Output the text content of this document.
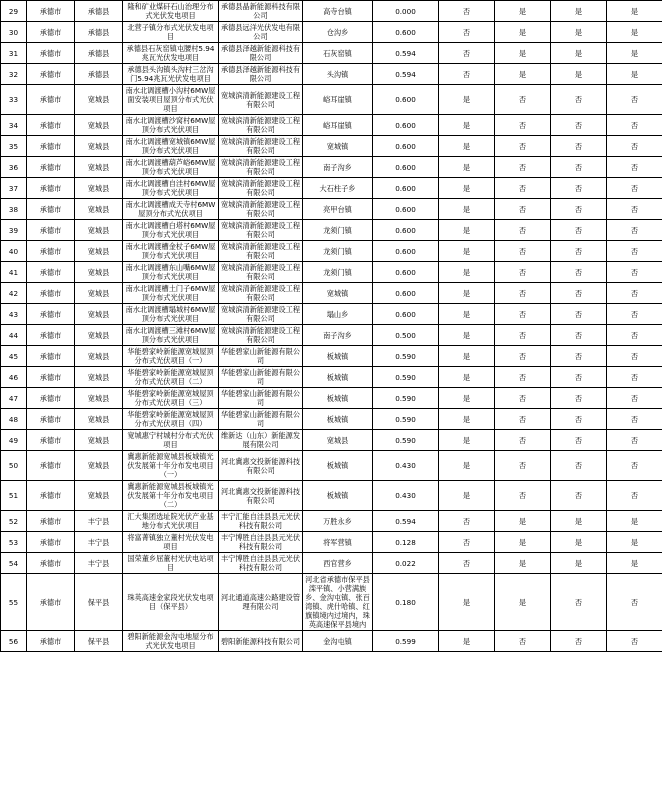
29	承德市	承德县	隆和矿业煤矸石山治理分布式光伏发电项目	承德县晶新能源科技有限公司	高寺台镇	0.000	否	是	是	是
30	承德市	承德县	北营子镇分布式光伏发电项目	承德县远洋光伏发电有限公司	仓沟乡	0.600	否	是	是	是
31	承德市	承德县	承德县石灰窑镇屯腰村5.94兆瓦光伏发电项目	承德县泽越新能源科技有限公司	石灰窑镇	0.594	否	是	是	是
32	承德市	承德县	承德县头沟镇头沟村三岔沟门5.94兆瓦光伏发电项目	承德县泽越新能源科技有限公司	头沟镇	0.594	否	是	是	是
33	承德市	宽城县	南水北调渡槽小沟村6MW屋面安装项目屋顶分布式光伏项目	宽城滨清新能源建设工程有限公司	峪耳崖镇	0.600	是	否	否	否
34	承德市	宽城县	南水北调渡槽沙窝村6MW屋顶分布式光伏项目	宽城滨清新能源建设工程有限公司	峪耳崖镇	0.600	是	否	否	否
35	承德市	宽城县	南水北调渡槽宽城镇6MW屋顶分布式光伏项目	宽城滨清新能源建设工程有限公司	宽城镇	0.600	是	否	否	否
36	承德市	宽城县	南水北调渡槽葫芦峪6MW屋顶分布式光伏项目	宽城滨清新能源建设工程有限公司	南子沟乡	0.600	是	否	否	否
37	承德市	宽城县	南水北调渡槽自洼村6MW屋顶分布式光伏项目	宽城滨清新能源建设工程有限公司	大石柱子乡	0.600	是	否	否	否
38	承德市	宽城县	南水北调渡槽成天寺村6MW屋顶分布式光伏项目	宽城滨清新能源建设工程有限公司	亮甲台镇	0.600	是	否	否	否
39	承德市	宽城县	南水北调渡槽白塔村6MW屋顶分布式光伏项目	宽城滨清新能源建设工程有限公司	龙须门镇	0.600	是	否	否	否
40	承德市	宽城县	南水北调渡槽金杖子6MW屋顶分布式光伏项目	宽城滨清新能源建设工程有限公司	龙须门镇	0.600	是	否	否	否
41	承德市	宽城县	南水北调渡槽东山嘴6MW屋顶分布式光伏项目	宽城滨清新能源建设工程有限公司	龙须门镇	0.600	是	否	否	否
42	承德市	宽城县	南水北调渡槽土门子6MW屋顶分布式光伏项目	宽城滨清新能源建设工程有限公司	宽城镇	0.600	是	否	否	否
43	承德市	宽城县	南水北调渡槽塌城村6MW屋顶分布式光伏项目	宽城滨清新能源建设工程有限公司	塌山乡	0.600	是	否	否	否
44	承德市	宽城县	南水北调渡槽三滩村6MW屋顶分布式光伏项目	宽城滨清新能源建设工程有限公司	南子沟乡	0.500	是	否	否	否
45	承德市	宽城县	华能碧家岭新能源宽城屋顶分布式光伏项目（一）	华能碧家山新能源有限公司	板城镇	0.590	是	否	否	否
46	承德市	宽城县	华能碧家岭新能源宽城屋顶分布式光伏项目（二）	华能碧家山新能源有限公司	板城镇	0.590	是	否	否	否
47	承德市	宽城县	华能碧家岭新能源宽城屋顶分布式光伏项目（三）	华能碧家山新能源有限公司	板城镇	0.590	是	否	否	否
48	承德市	宽城县	华能碧家岭新能源宽城屋顶分布式光伏项目（四）	华能碧家山新能源有限公司	板城镇	0.590	是	否	否	否
49	承德市	宽城县	宽城惠宁村城村分布式光伏项目	维新达（山东）新能源发展有限公司	宽城县	0.590	是	否	否	否
50	承德市	宽城县	冀惠新能源宽城县板城镇光伏发展第十年分布发电项目（一）	河北冀惠交投新能源科技有限公司	板城镇	0.430	是	否	否	否
51	承德市	宽城县	冀惠新能源宽城县板城镇光伏发展第十年分布发电项目（二）	河北冀惠交投新能源科技有限公司	板城镇	0.430	是	否	否	否
52	承德市	丰宁县	汇大集团选址院光伏产业基地分布式光伏项目	丰宁汇能自洼县县元光伏科技有限公司	万胜永乡	0.594	否	是	是	是
53	承德市	丰宁县	将富菁镇独立董村光伏发电项目	丰宁博胜自洼县县元光伏科技有限公司	将军营镇	0.128	否	是	是	是
54	承德市	丰宁县	国荣董乡屈董村光伏电站项目	丰宁博胜自洼县县元光伏科技有限公司	西官营乡	0.022	否	是	是	是
55	承德市	保平县	珠英高速金家段光伏发电项目（保平县）	河北通道高速公路建设管理有限公司	河北省承德市保平县滦平镇、小营满族乡、金沟屯镇、张百湾镇、虎什哈镇、红旗镇境内过境内，珠英高速保平县境内	0.180	是	是	否	否
56	承德市	保平县	碧阳新能源金沟屯地屋分布式光伏发电项目	碧阳新能源科技有限公司	金沟屯镇	0.599	是	否	否	否
